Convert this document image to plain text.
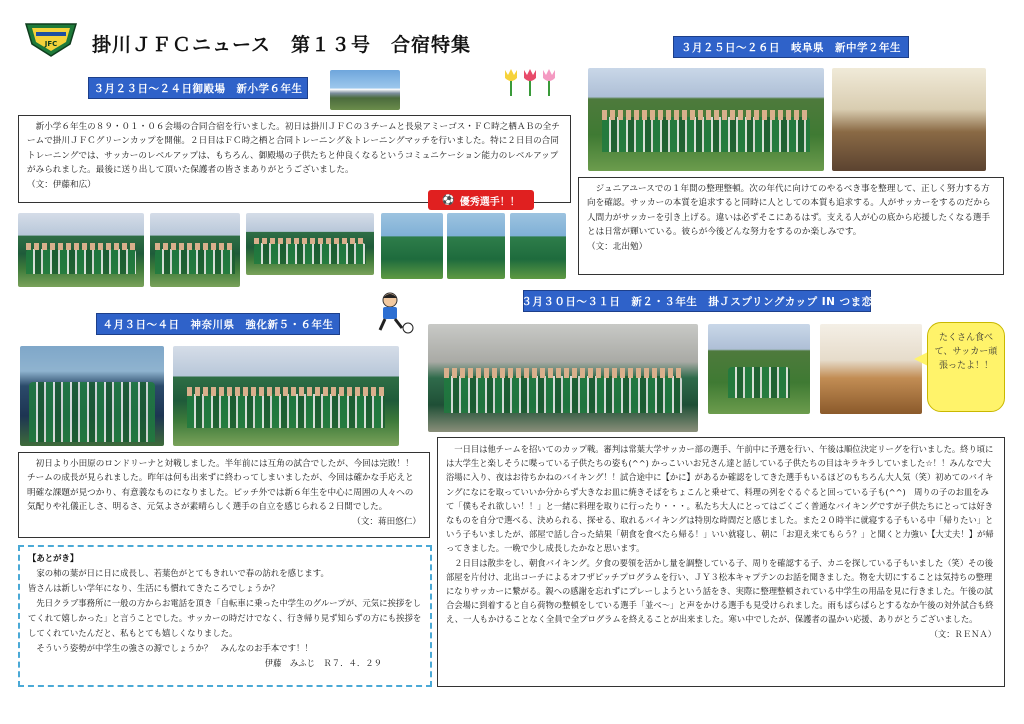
JFC 掛川ＪＦＣニュース　第１３号　合宿特集
３月２３日～２４日御殿場　新小学６年生

新小学６年生の８９・０１・０６会場の合同合宿を行いました。初日は掛川ＪＦＣの３チームと長泉アミーゴス・ＦＣ時之栖ＡＢの全チームで掛川ＪＦＣグリーンカップを開催。２日目はＦＣ時之栖と合同トレーニング＆トレーニングマッチを行いました。特に２日目の合同トレーニングでは、サッカーのレベルアップは、もちろん、御殿場の子供たちと仲良くなるというコミュニケーション能力のレベルアップがみられました。最後に送り出して頂いた保護者の皆さまありがとうございました。

（文：伊藤和広）

⚽ 優秀選手！！
３月２５日～２６日　岐阜県　新中学２年生

ジュニアユースでの１年間の整理整頓。次の年代に向けてのやるべき事を整理して、正しく努力する方向を確認。サッカーの本質を追求すると同時に人としての本質も追求する。人がサッカーをするのだから人間力がサッカーを引き上げる。違いは必ずそこにあるはず。支える人が心の底から応援したくなる選手とは日常が輝いている。彼らが今後どんな努力をするのか楽しみです。

（文：北出勉）

４月３日～４日　神奈川県　強化新５・６年生

初日より小田原のロンドリーナと対戦しました。半年前には互角の試合でしたが、今回は完敗！！チームの成長が見られました。昨年は何も出来ずに終わってしまいましたが、今回は確かな手応えと明確な課題が見つかり、有意義なものになりました。ピッチ外では新６年生を中心に周囲の人々への気配りや礼儀正しさ、明るさ、元気よさが素晴らしく選手の自立を感じられる２日間でした。

（文：蒋田悠仁）

【あとがき】

家の柿の葉が日に日に成長し、若葉色がとてもきれいで春の訪れを感じます。

皆さんは新しい学年になり、生活にも慣れてきたころでしょうか？

先日クラブ事務所に一般の方からお電話を頂き「自転車に乗った中学生のグループが、元気に挨拶をしてくれて嬉しかった」と言うことでした。サッカーの時だけでなく、行き帰り見ず知らずの方にも挨拶をしてくれていたんだと、私もとても嬉しくなりました。

そういう姿勢が中学生の強さの源でしょうか？　みんなのお手本です！！

伊藤　みふじ　Ｒ７．４．２９

３月３０日～３１日　新２・３年生　掛Ｊスプリングカップ IN つま恋
たくさん食べて、サッカー頑張ったよ！！

一日目は他チームを招いてのカップ戦。審判は常葉大学サッカー部の選手、午前中に予選を行い、午後は順位決定リーグを行いました。終り頃には大学生と楽しそうに喋っている子供たちの姿も(^^) かっこいいお兄さん達と話している子供たちの目はキラキラしていました☆！！みんなで大浴場に入り、夜はお待ちかねのバイキング！！試合途中に【かに】があるか確認をしてきた選手もいるほどのもちろん大人気（笑）初めてのバイキングになにを取っていいか分からず大きなお皿に焼きそばをちょこんと乗せて、料理の列をぐるぐると回っている子も(^^)　周りの子のお皿をみて「僕もそれ欲しい！！」と一緒に料理を取りに行ったり・・・。私たち大人にとってはごくごく普通なバイキングですが子供たちにとっては好きなものを自分で選べる、決められる、探せる、取れるバイキングは特別な時間だと感じました。また２０時半に就寝する子もいる中「帰りたい」という子もいましたが、部屋で話し合った結果「朝食を食べたら帰る！」いい就寝し、朝に「お迎え来てもらう？」と聞くと力強い【大丈夫！】が帰ってきました。一晩で少し成長したかなと思います。

２日目は散歩をし、朝食バイキング。夕食の要領を活かし量を調整している子、周りを確認する子、カニを探している子もいました（笑）その後部屋を片付け、北出コーチによるオフザピッチプログラムを行い、ＪＹ３松本キャプテンのお話を聞きました。物を大切にすることは気持ちの整理になりサッカーに繋がる。親への感謝を忘れずにプレーしようという話をき、実際に整理整頓されている中学生の用品を見に行きました。午後の試合会場に到着すると自ら荷物の整頓をしている選手「並べ～」と声をかける選手も見受けられました。雨もぱらぱらとするなか午後の対外試合も終え、一人もかけることなく全員で全プログラムを終えることが出来ました。寒い中でしたが、保護者の温かい応援、ありがとうございました。

（文：ＲＥＮＡ）
